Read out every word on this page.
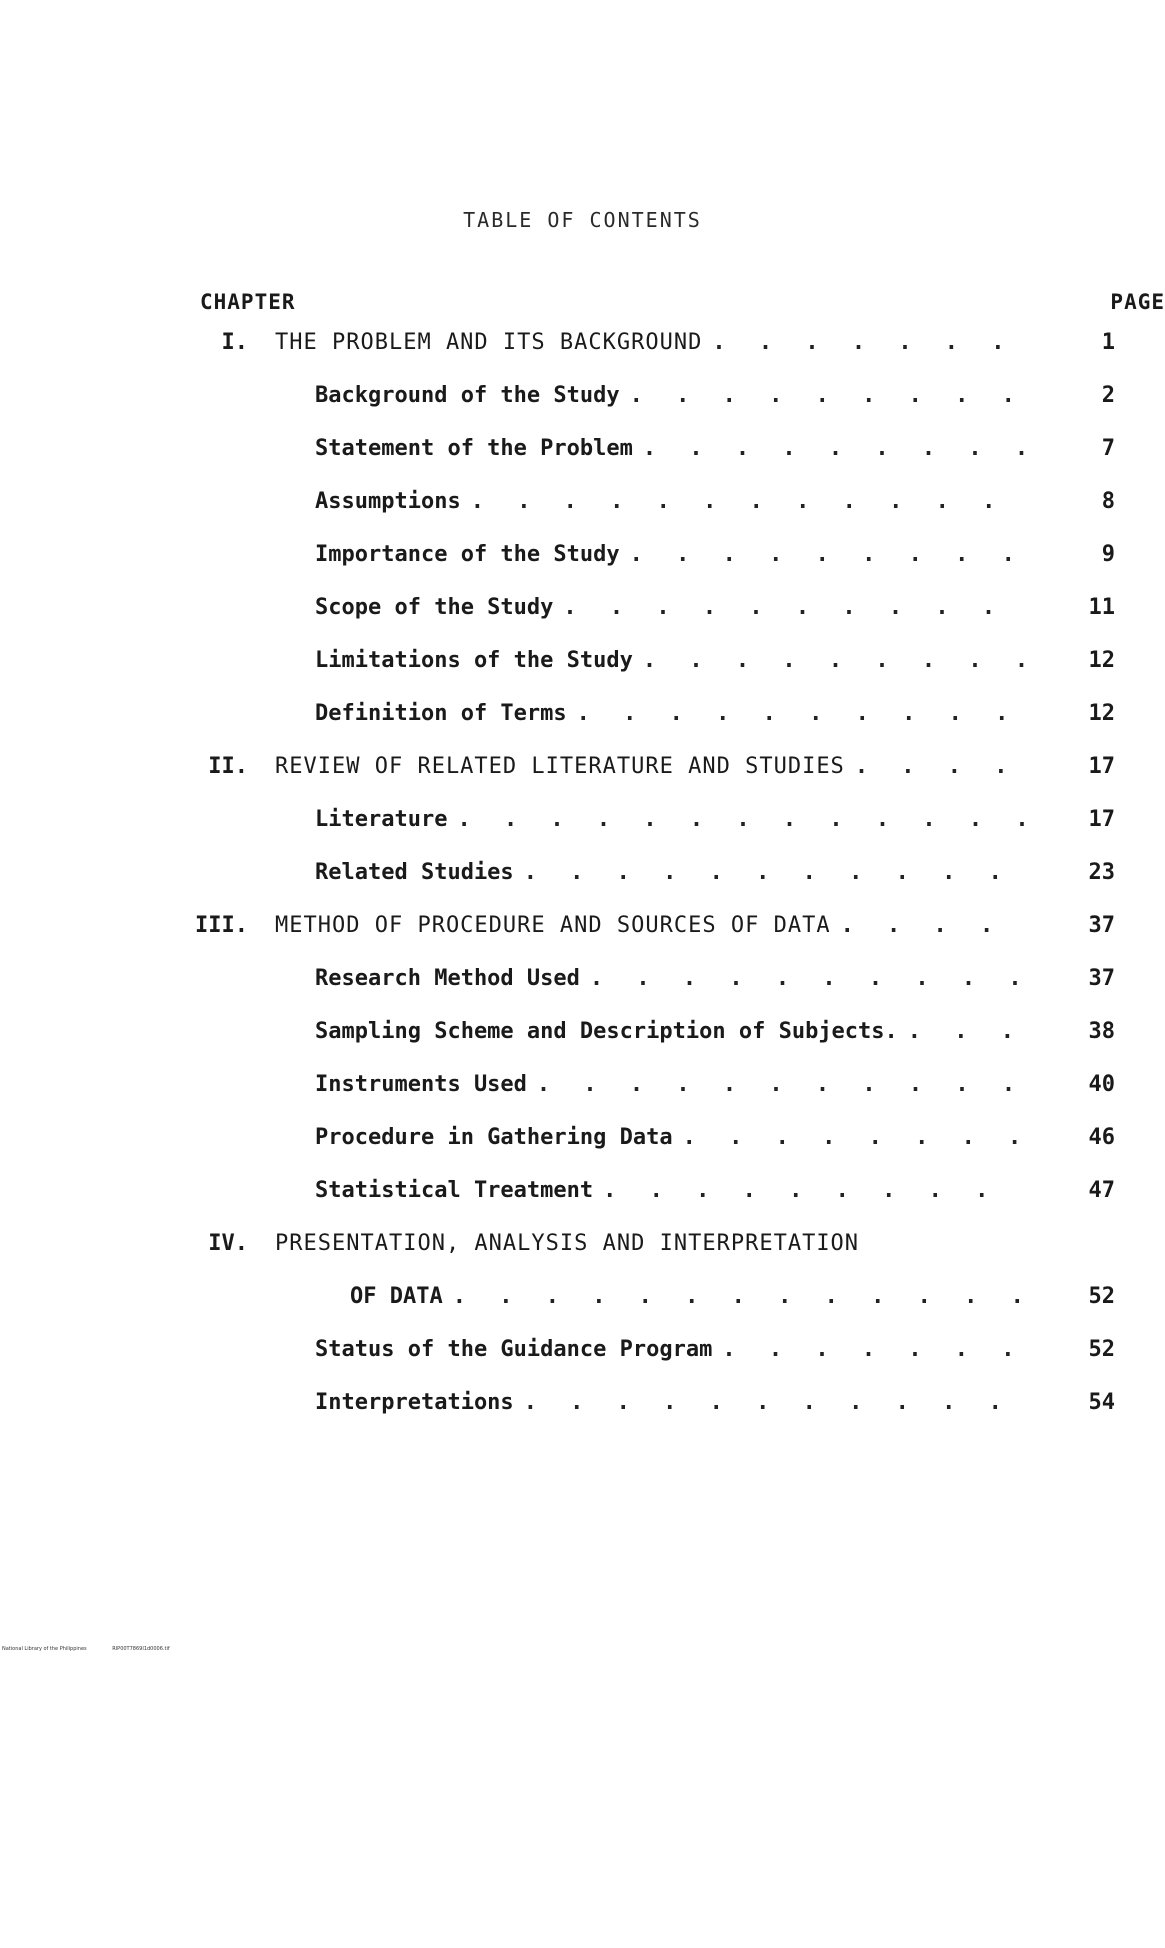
TABLE OF CONTENTS
CHAPTER	PAGE
I. THE PROBLEM AND ITS BACKGROUND . . .	1
Background of the Study . . .	2
Statement of the Problem . . .	7
Assumptions . . .	8
Importance of the Study . . .	9
Scope of the Study . . .	11
Limitations of the Study . . .	12
Definition of Terms . . .	12
II. REVIEW OF RELATED LITERATURE AND STUDIES . . .	17
Literature . . .	17
Related Studies . . .	23
III. METHOD OF PROCEDURE AND SOURCES OF DATA . . .	37
Research Method Used . . .	37
Sampling Scheme and Description of Subjects. . . .	38
Instruments Used . . .	40
Procedure in Gathering Data . . .	46
Statistical Treatment . . .	47
IV. PRESENTATION, ANALYSIS AND INTERPRETATION
OF DATA . . .	52
Status of the Guidance Program . . .	52
Interpretations . . .	54
National Library of the Philippines	RIP00T7869I1d0006.tif
